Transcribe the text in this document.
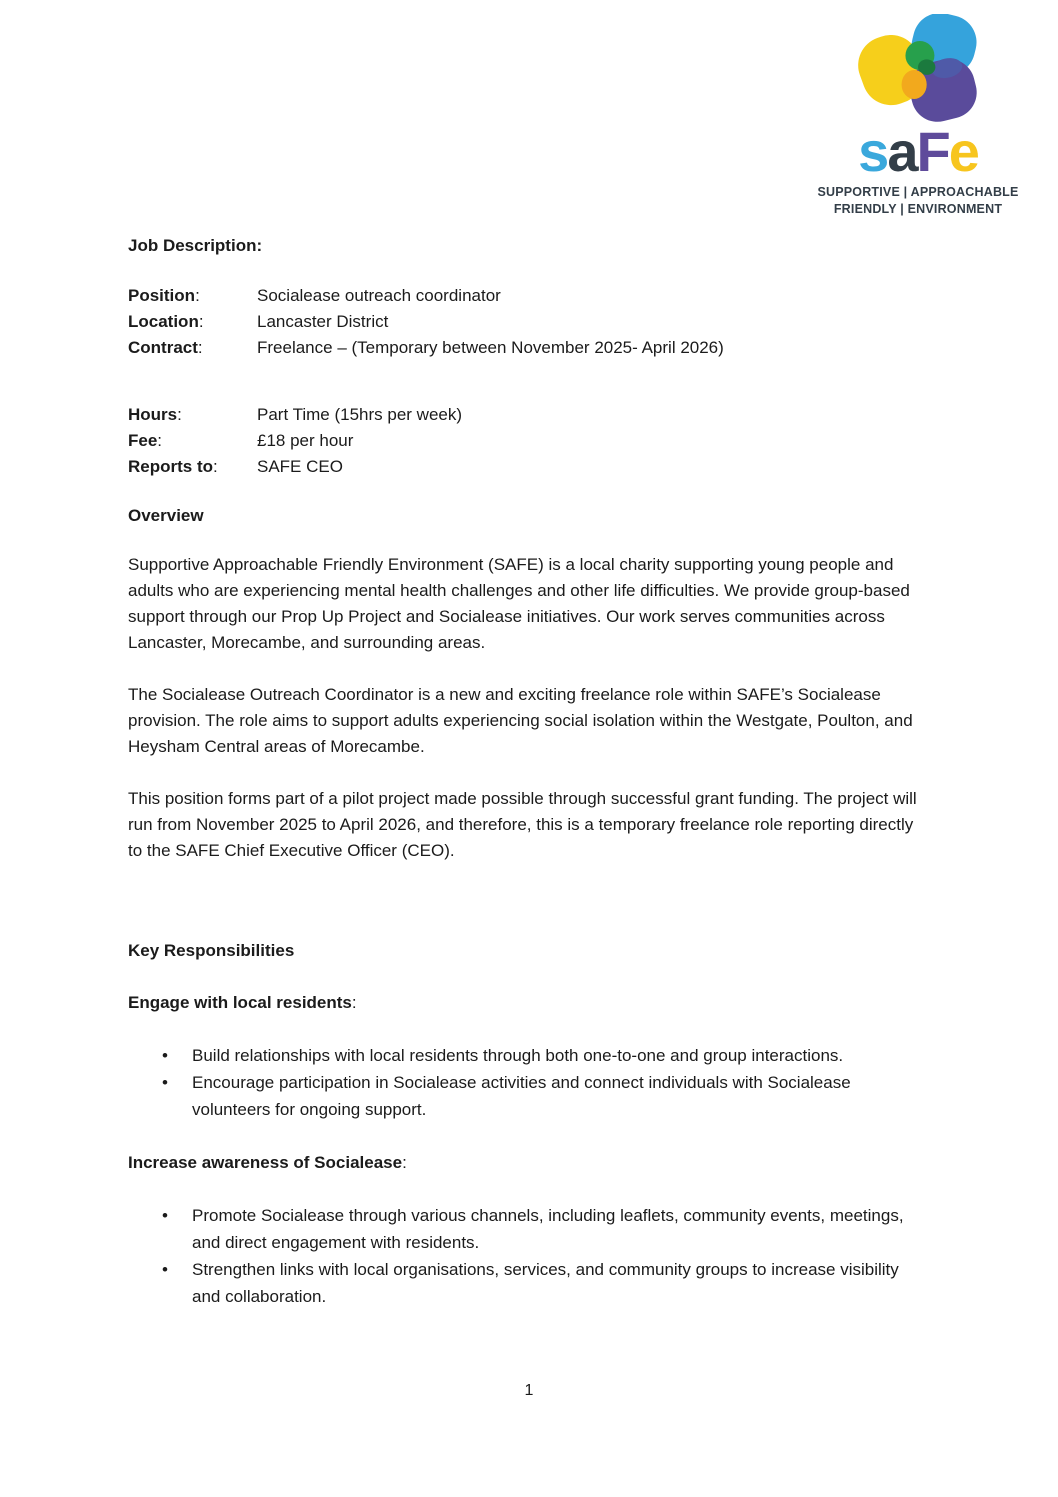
saFe
SUPPORTIVE | APPROACHABLE
FRIENDLY | ENVIRONMENT
Job Description:
Position:	Socialease outreach coordinator
Location:	Lancaster District
Contract:	Freelance – (Temporary between November 2025- April 2026)
Hours:	Part Time (15hrs per week)
Fee:	£18 per hour
Reports to:	SAFE CEO
Overview

Supportive Approachable Friendly Environment (SAFE) is a local charity supporting young people and adults who are experiencing mental health challenges and other life difficulties. We provide group-based support through our Prop Up Project and Socialease initiatives. Our work serves communities across Lancaster, Morecambe, and surrounding areas.

The Socialease Outreach Coordinator is a new and exciting freelance role within SAFE’s Socialease provision. The role aims to support adults experiencing social isolation within the Westgate, Poulton, and Heysham Central areas of Morecambe.

This position forms part of a pilot project made possible through successful grant funding. The project will run from November 2025 to April 2026, and therefore, this is a temporary freelance role reporting directly to the SAFE Chief Executive Officer (CEO).

Key Responsibilities
Engage with local residents:
• Build relationships with local residents through both one-to-one and group interactions.
• Encourage participation in Socialease activities and connect individuals with Socialease volunteers for ongoing support.
Increase awareness of Socialease:
• Promote Socialease through various channels, including leaflets, community events, meetings, and direct engagement with residents.
• Strengthen links with local organisations, services, and community groups to increase visibility and collaboration.
1
